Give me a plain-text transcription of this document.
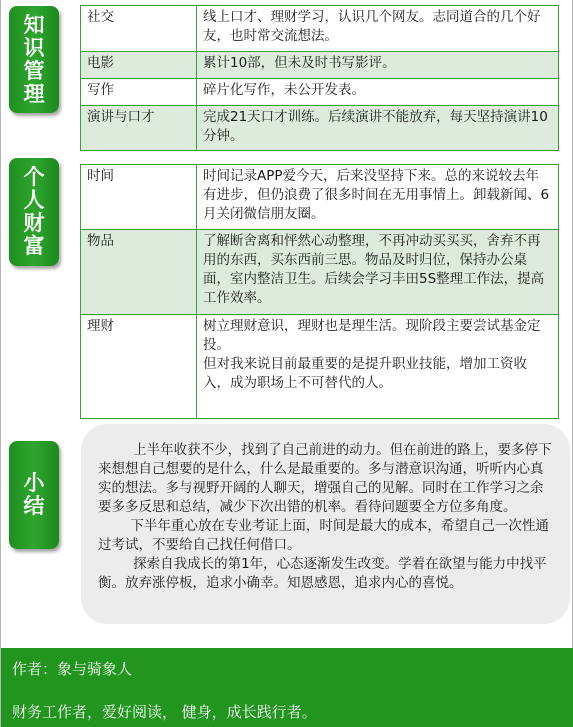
知
识
管
理
社交	线上口才、理财学习，认识几个网友。志同道合的几个好友，也时常交流想法。
电影	累计10部，但未及时书写影评。
写作	碎片化写作，未公开发表。
演讲与口才	完成21天口才训练。后续演讲不能放弃，每天坚持演讲10分钟。
个
人
财
富
时间	时间记录APP爱今天，后来没坚持下来。总的来说较去年有进步，但仍浪费了很多时间在无用事情上。卸载新闻、6月关闭微信朋友圈。
物品	了解断舍离和怦然心动整理，不再冲动买买买，舍弃不再用的东西，买东西前三思。物品及时归位，保持办公桌面，室内整洁卫生。后续会学习丰田5S整理工作法，提高工作效率。
理财	树立理财意识，理财也是理生活。现阶段主要尝试基金定投。
但对我来说目前最重要的是提升职业技能，增加工资收入，成为职场上不可替代的人。
小
结

上半年收获不少，找到了自己前进的动力。但在前进的路上，要多停下来想想自己想要的是什么，什么是最重要的。多与潜意识沟通，听听内心真实的想法。多与视野开阔的人聊天，增强自己的见解。同时在工作学习之余要多多反思和总结，减少下次出错的机率。看待问题要全方位多角度。

下半年重心放在专业考证上面，时间是最大的成本，希望自己一次性通过考试，不要给自己找任何借口。

探索自我成长的第1年，心态逐渐发生改变。学着在欲望与能力中找平衡。放弃涨停板，追求小确幸。知恩感恩，追求内心的喜悦。

作者：象与骑象人
财务工作者，爱好阅读， 健身，成长践行者。
